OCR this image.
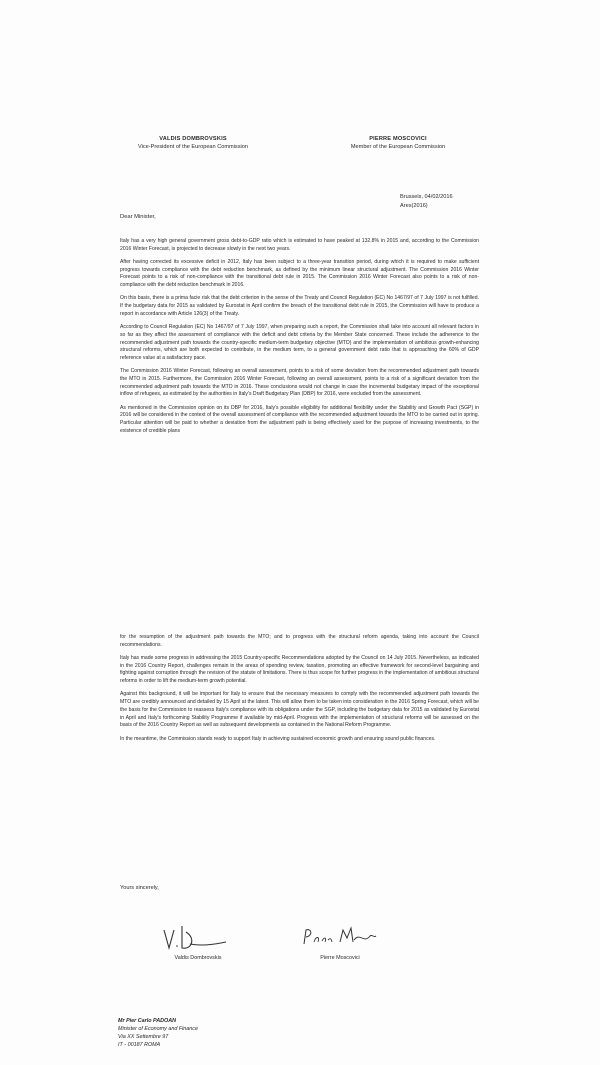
VALDIS DOMBROVSKIS
Vice-President of the European Commission
PIERRE MOSCOVICI
Member of the European Commission
Brussels, 04/02/2016
Ares(2016)
Dear Minister,

Italy has a very high general government gross debt-to-GDP ratio which is estimated to have peaked at 132.8% in 2015 and, according to the Commission 2016 Winter Forecast, is projected to decrease slowly in the next two years.

After having corrected its excessive deficit in 2012, Italy has been subject to a three-year transition period, during which it is required to make sufficient progress towards compliance with the debt reduction benchmark, as defined by the minimum linear structural adjustment. The Commission 2016 Winter Forecast points to a risk of non-compliance with the transitional debt rule in 2015. The Commission 2016 Winter Forecast also points to a risk of non-compliance with the debt reduction benchmark in 2016.

On this basis, there is a prima facie risk that the debt criterion in the sense of the Treaty and Council Regulation (EC) No 1467/97 of 7 July 1997 is not fulfilled. If the budgetary data for 2015 as validated by Eurostat in April confirm the breach of the transitional debt rule in 2015, the Commission will have to produce a report in accordance with Article 126(3) of the Treaty.

According to Council Regulation (EC) No 1467/97 of 7 July 1997, when preparing such a report, the Commission shall take into account all relevant factors in so far as they affect the assessment of compliance with the deficit and debt criteria by the Member State concerned. These include the adherence to the recommended adjustment path towards the country-specific medium-term budgetary objective (MTO) and the implementation of ambitious growth-enhancing structural reforms, which are both expected to contribute, in the medium term, to a general government debt ratio that is approaching the 60% of GDP reference value at a satisfactory pace.

The Commission 2016 Winter Forecast, following an overall assessment, points to a risk of some deviation from the recommended adjustment path towards the MTO in 2015. Furthermore, the Commission 2016 Winter Forecast, following an overall assessment, points to a risk of a significant deviation from the recommended adjustment path towards the MTO in 2016. These conclusions would not change in case the incremental budgetary impact of the exceptional inflow of refugees, as estimated by the authorities in Italy's Draft Budgetary Plan (DBP) for 2016, were excluded from the assessment.

As mentioned in the Commission opinion on its DBP for 2016, Italy's possible eligibility for additional flexibility under the Stability and Growth Pact (SGP) in 2016 will be considered in the context of the overall assessment of compliance with the recommended adjustment towards the MTO to be carried out in spring. Particular attention will be paid to whether a deviation from the adjustment path is being effectively used for the purpose of increasing investments, to the existence of credible plans

for the resumption of the adjustment path towards the MTO; and to progress with the structural reform agenda, taking into account the Council recommendations.

Italy has made some progress in addressing the 2015 Country-specific Recommendations adopted by the Council on 14 July 2015. Nevertheless, as indicated in the 2016 Country Report, challenges remain in the areas of spending review, taxation, promoting an effective framework for second-level bargaining and fighting against corruption through the revision of the statute of limitations. There is thus scope for further progress in the implementation of ambitious structural reforms in order to lift the medium-term growth potential.

Against this background, it will be important for Italy to ensure that the necessary measures to comply with the recommended adjustment path towards the MTO are credibly announced and detailed by 15 April at the latest. This will allow them to be taken into consideration in the 2016 Spring Forecast, which will be the basis for the Commission to reassess Italy's compliance with its obligations under the SGP, including the budgetary data for 2015 as validated by Eurostat in April and Italy's forthcoming Stability Programme if available by mid-April. Progress with the implementation of structural reforms will be assessed on the basis of the 2016 Country Report as well as subsequent developments as contained in the National Reform Programme.

In the meantime, the Commission stands ready to support Italy in achieving sustained economic growth and ensuring sound public finances.

Yours sincerely,
Valdis Dombrovskis	Pierre Moscovici
Mr Pier Carlo PADOAN
Minister of Economy and Finance
Via XX Settembre 97
IT - 00187 ROMA
